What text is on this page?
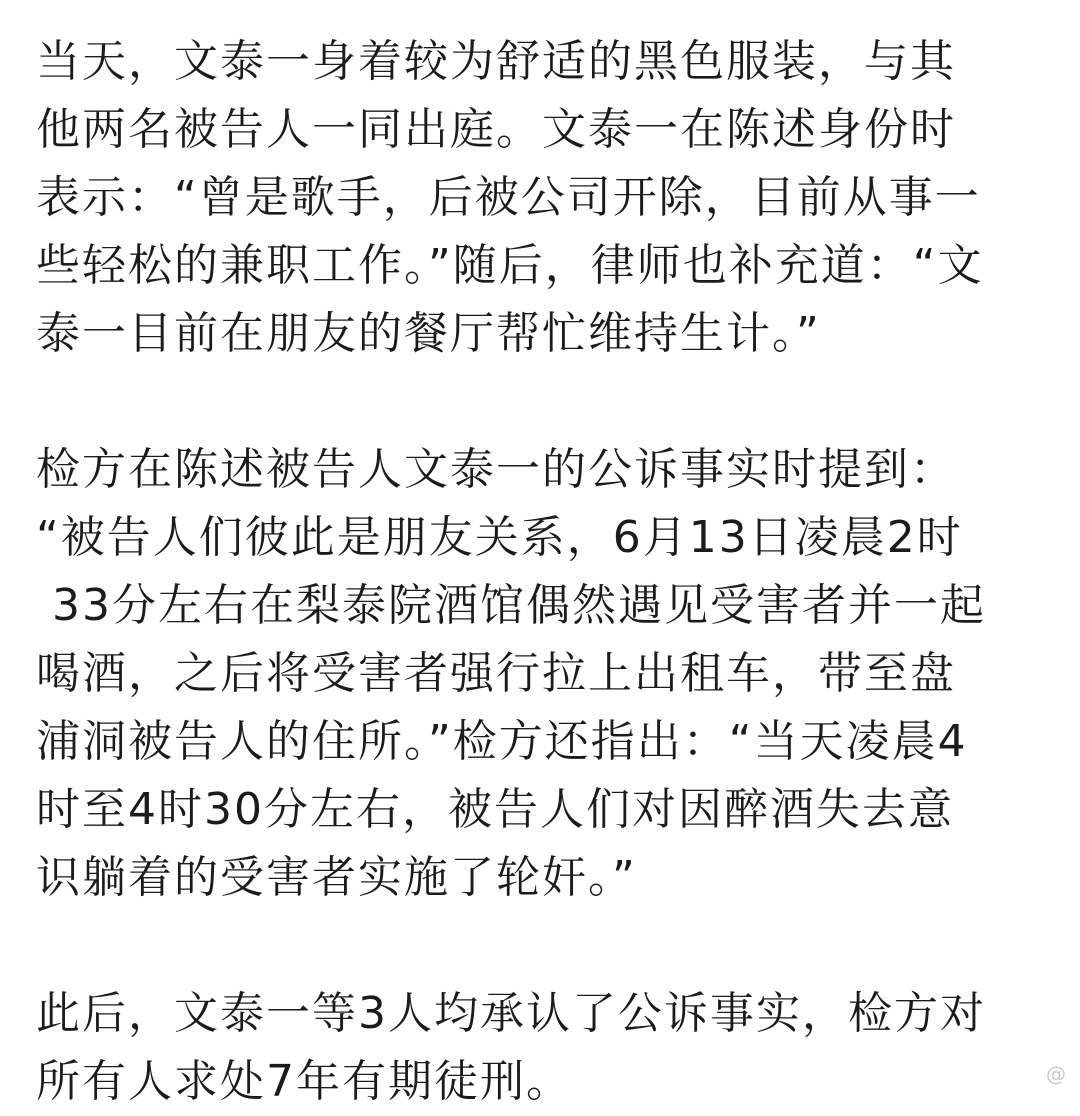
当天，文泰一身着较为舒适的黑色服装，与其
他两名被告人一同出庭。文泰一在陈述身份时
表示：“曾是歌手，后被公司开除，目前从事一
些轻松的兼职工作。”随后，律师也补充道：“文
泰一目前在朋友的餐厅帮忙维持生计。”
检方在陈述被告人文泰一的公诉事实时提到：
“被告人们彼此是朋友关系，6月13日凌晨2时
33分左右在梨泰院酒馆偶然遇见受害者并一起
喝酒，之后将受害者强行拉上出租车，带至盘
浦洞被告人的住所。”检方还指出：“当天凌晨4
时至4时30分左右，被告人们对因醉酒失去意
识躺着的受害者实施了轮奸。”
此后，文泰一等3人均承认了公诉事实，检方对
所有人求处7年有期徒刑。	@
